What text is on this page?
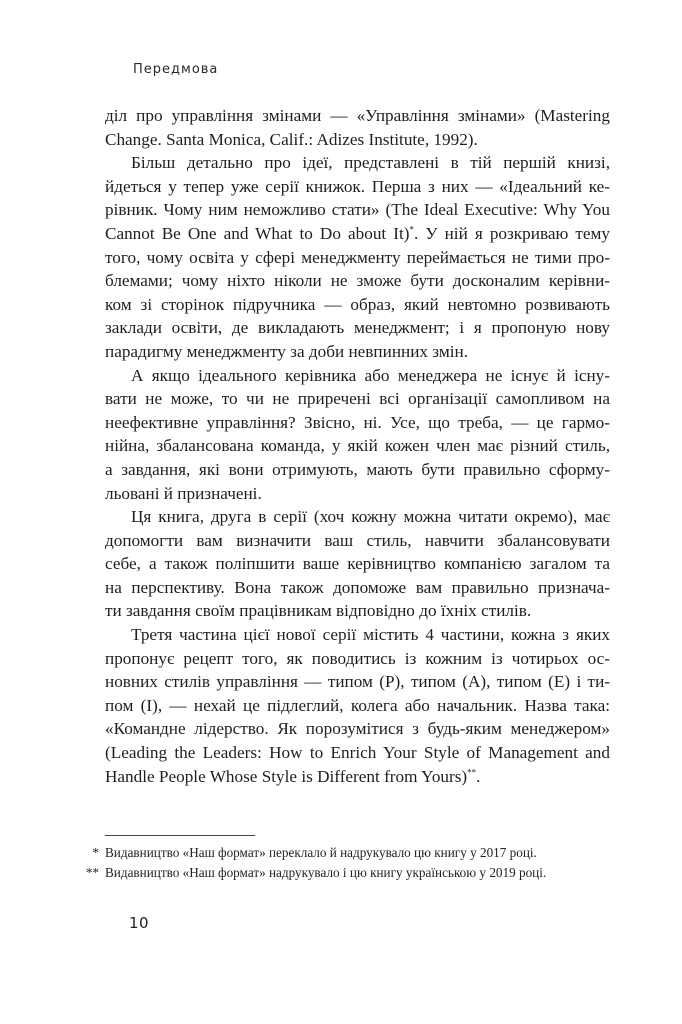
Передмова

діл про управління змінами — «Управління змінами» (Mastering
Change. Santa Monica, Calif.: Adizes Institute, 1992).

Більш детально про ідеї, представлені в тій першій книзі,
йдеться у тепер уже серії книжок. Перша з них — «Ідеальний ке-
рівник. Чому ним неможливо стати» (The Ideal Executive: Why You
Cannot Be One and What to Do about It)*. У ній я розкриваю тему
того, чому освіта у сфері менеджменту переймається не тими про-
блемами; чому ніхто ніколи не зможе бути досконалим керівни-
ком зі сторінок підручника — образ, який невтомно розвивають
заклади освіти, де викладають менеджмент; і я пропоную нову
парадигму менеджменту за доби невпинних змін.

А якщо ідеального керівника або менеджера не існує й існу-
вати не може, то чи не приречені всі організації самопливом на
неефективне управління? Звісно, ні. Усе, що треба, — це гармо-
нійна, збалансована команда, у якій кожен член має різний стиль,
а завдання, які вони отримують, мають бути правильно сформу-
льовані й призначені.

Ця книга, друга в серії (хоч кожну можна читати окремо), має
допомогти вам визначити ваш стиль, навчити збалансовувати
себе, а також поліпшити ваше керівництво компанією загалом та
на перспективу. Вона також допоможе вам правильно признача-
ти завдання своїм працівникам відповідно до їхніх стилів.

Третя частина цієї нової серії містить 4 частини, кожна з яких
пропонує рецепт того, як поводитись із кожним із чотирьох ос-
новних стилів управління — типом (P), типом (A), типом (E) і ти-
пом (I), — нехай це підлеглий, колега або начальник. Назва така:
«Командне лідерство. Як порозумітися з будь-яким менеджером»
(Leading the Leaders: How to Enrich Your Style of Management and
Handle People Whose Style is Different from Yours)**.

* Видавництво «Наш формат» переклало й надрукувало цю книгу у 2017 році.
** Видавництво «Наш формат» надрукувало і цю книгу українською у 2019 році.
10
